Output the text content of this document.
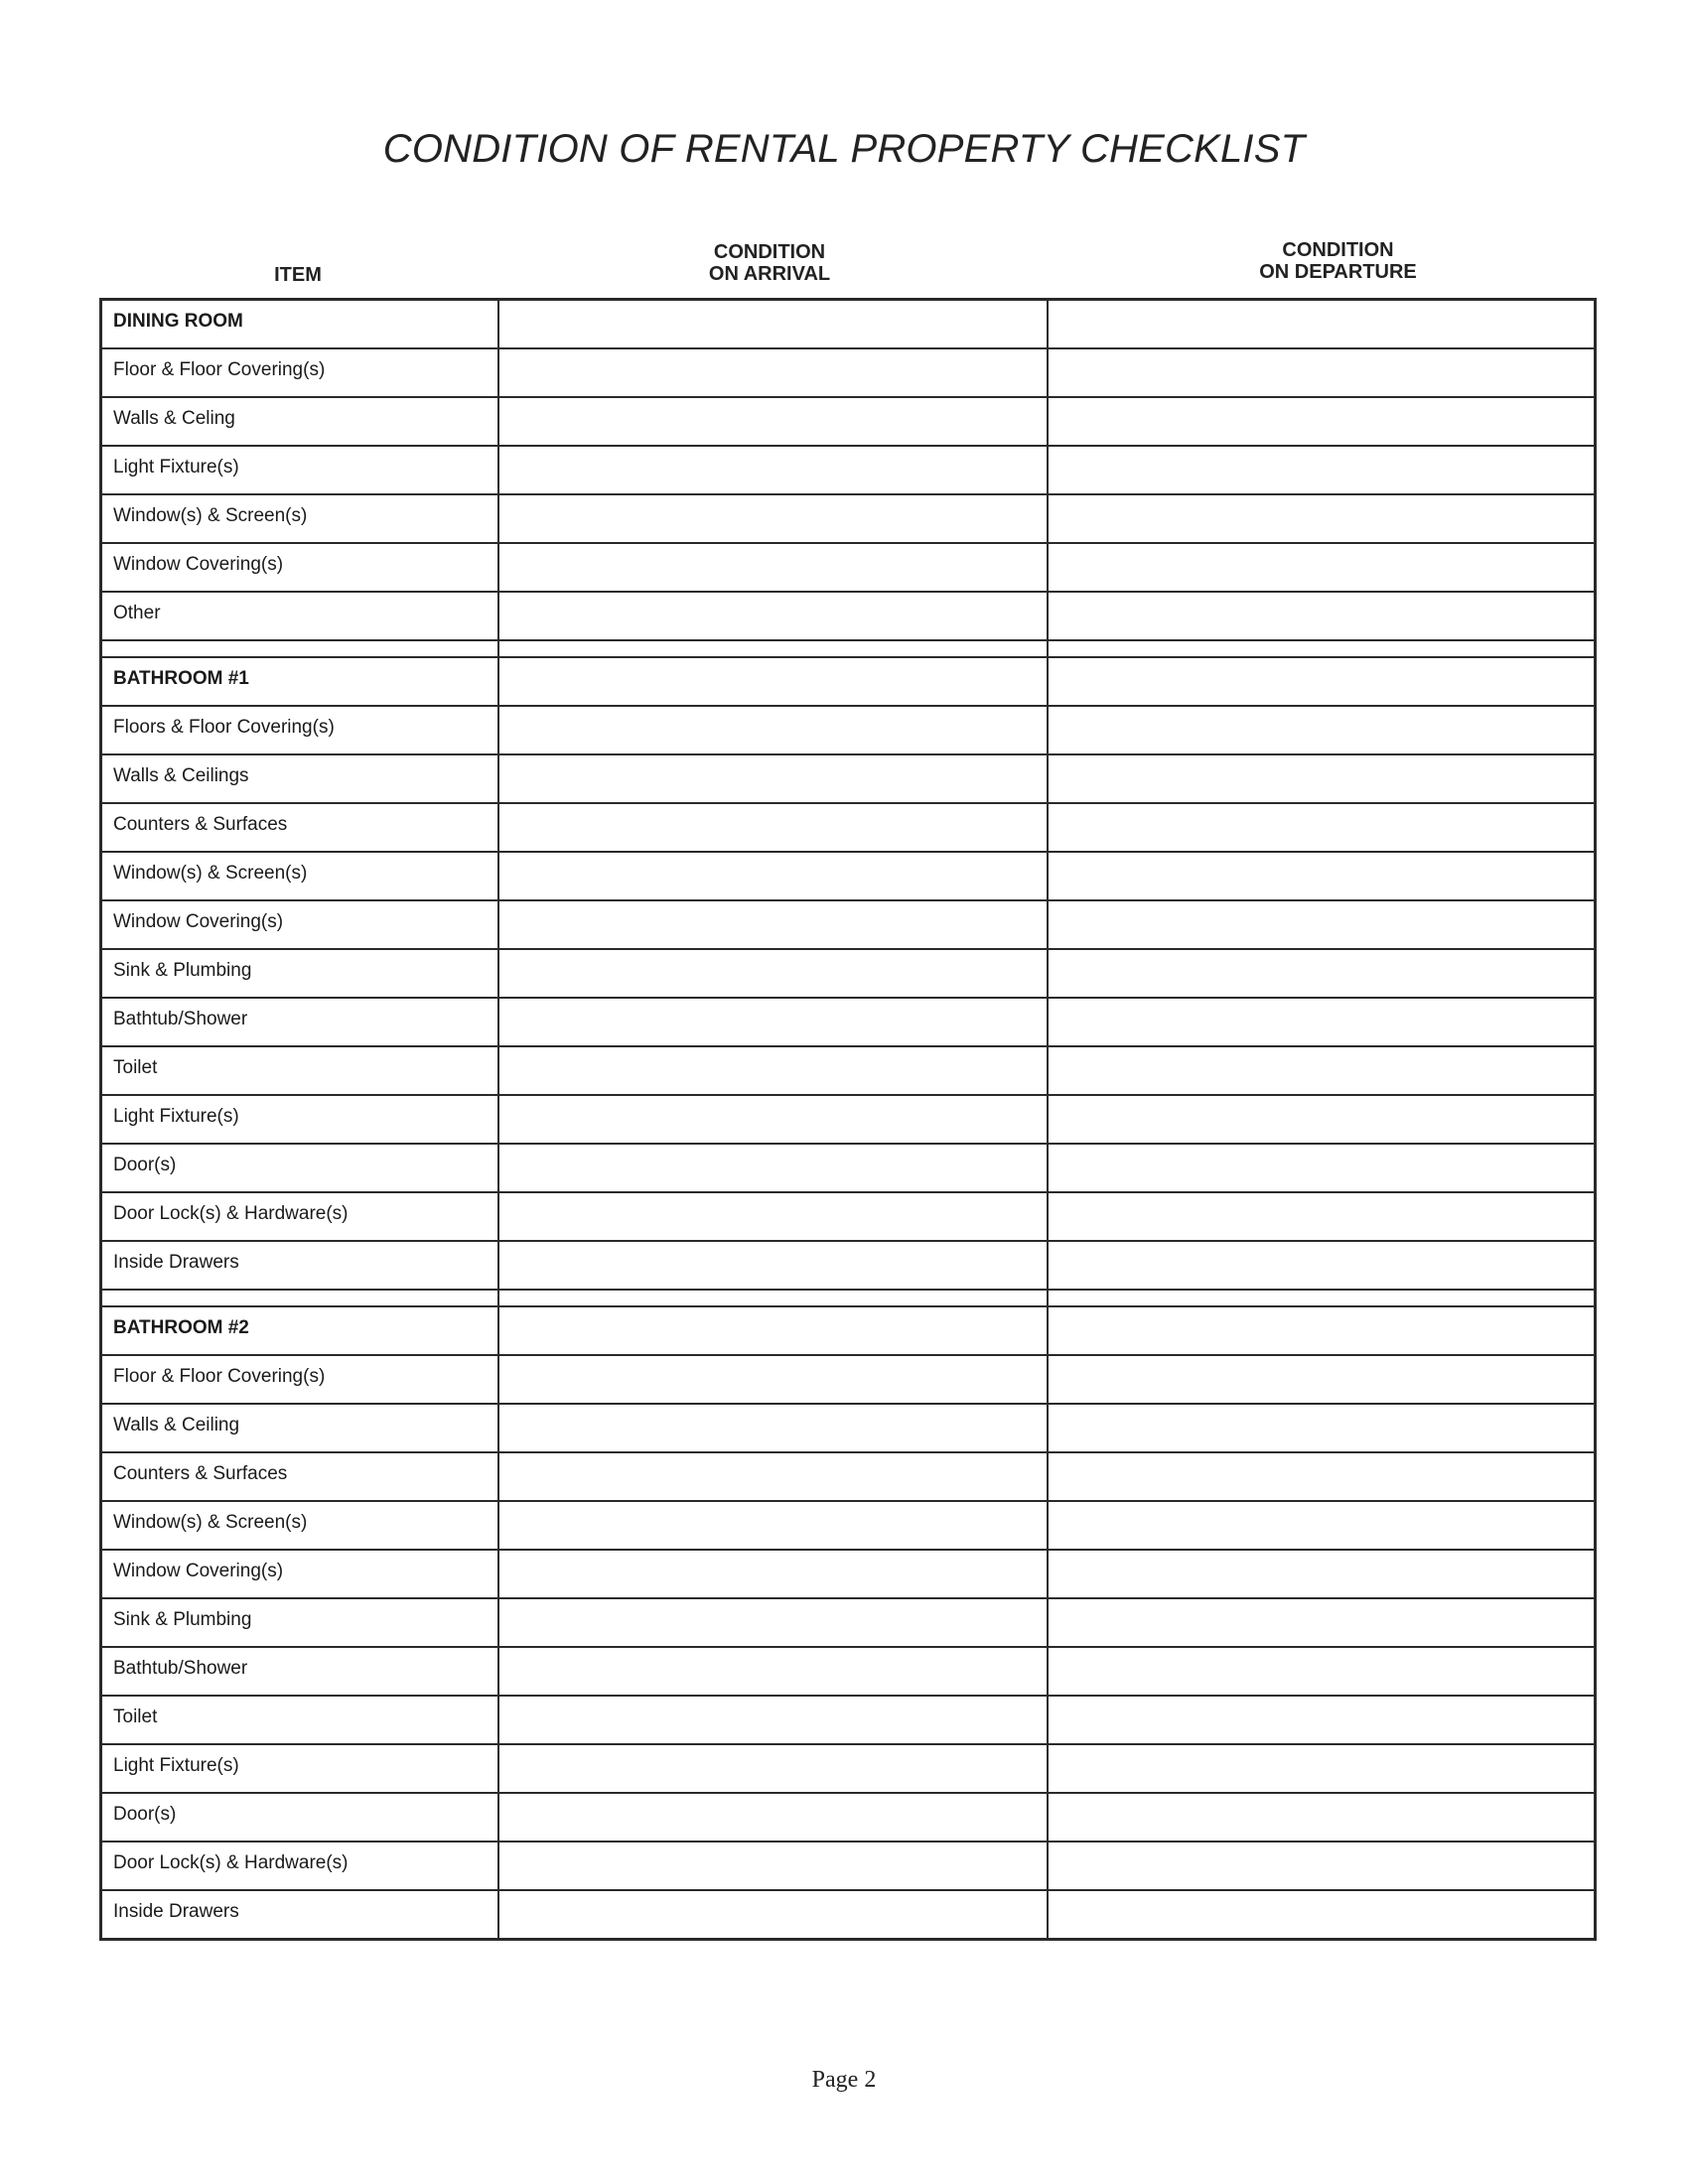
CONDITION OF RENTAL PROPERTY CHECKLIST
ITEM
CONDITION
ON ARRIVAL
CONDITION
ON DEPARTURE
DINING ROOM
Floor & Floor Covering(s)
Walls & Celing
Light Fixture(s)
Window(s) & Screen(s)
Window Covering(s)
Other
BATHROOM #1
Floors & Floor Covering(s)
Walls & Ceilings
Counters & Surfaces
Window(s) & Screen(s)
Window Covering(s)
Sink & Plumbing
Bathtub/Shower
Toilet
Light Fixture(s)
Door(s)
Door Lock(s) & Hardware(s)
Inside Drawers
BATHROOM #2
Floor & Floor Covering(s)
Walls & Ceiling
Counters & Surfaces
Window(s) & Screen(s)
Window Covering(s)
Sink & Plumbing
Bathtub/Shower
Toilet
Light Fixture(s)
Door(s)
Door Lock(s) & Hardware(s)
Inside Drawers
Page 2
